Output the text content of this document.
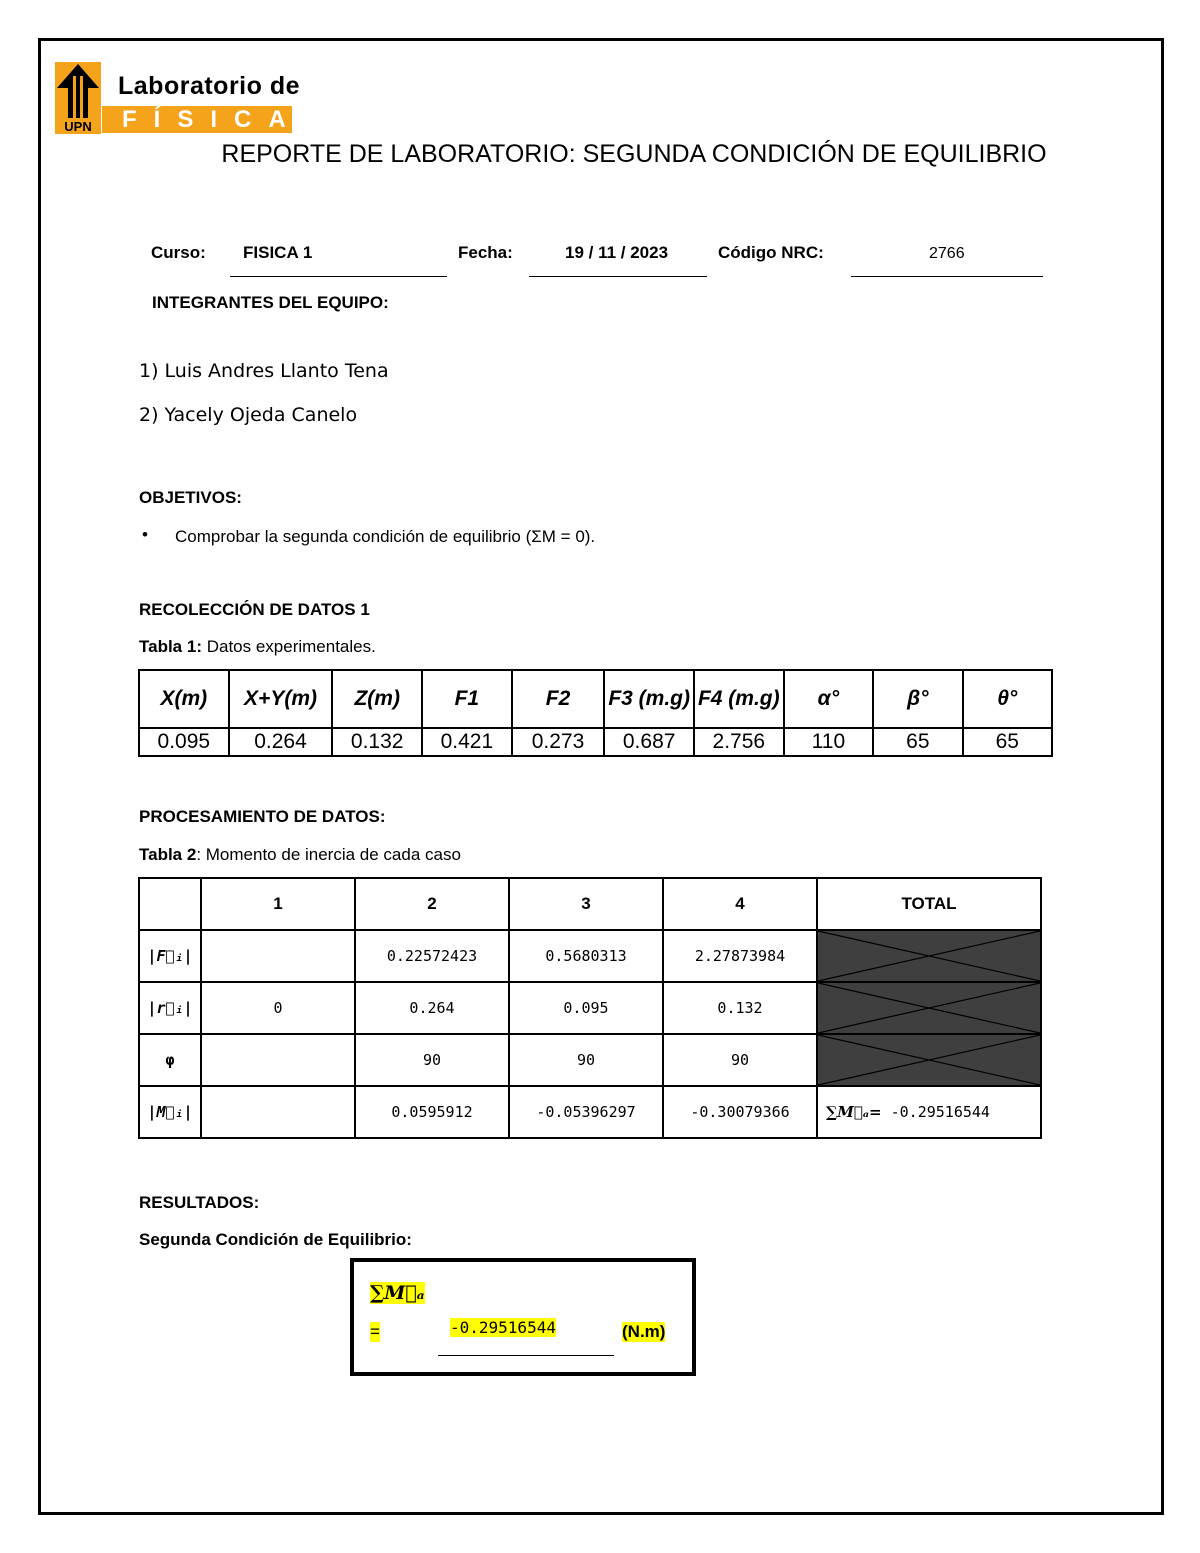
UPN
Laboratorio de
FÍSICA
REPORTE DE LABORATORIO: SEGUNDA CONDICIÓN DE EQUILIBRIO
Curso: FISICA 1	Fecha:	19 / 11 / 2023	Código NRC:	2766
INTEGRANTES DEL EQUIPO:
1) Luis Andres Llanto Tena
2) Yacely Ojeda Canelo
OBJETIVOS:
• Comprobar la segunda condición de equilibrio (ΣM = 0).
RECOLECCIÓN DE DATOS 1
Tabla 1: Datos experimentales.
X(m)	X+Y(m)	Z(m)	F1	F2	F3 (m.g)	F4 (m.g)	α°	β°	θ°
0.095	0.264	0.132	0.421	0.273	0.687	2.756	110	65	65
PROCESAMIENTO DE DATOS:
Tabla 2: Momento de inercia de cada caso
	1	2	3	4	TOTAL
|F⃗ᵢ|		0.22572423	0.5680313	2.27873984	

|r⃗ᵢ|	0	0.264	0.095	0.132	

φ		90	90	90	

|M⃗ᵢ|		0.0595912	-0.05396297	-0.30079366	∑M⃗ₐ= -0.29516544
RESULTADOS:
Segunda Condición de Equilibrio:
∑M⃗ₐ
=	-0.29516544	(N.m)
